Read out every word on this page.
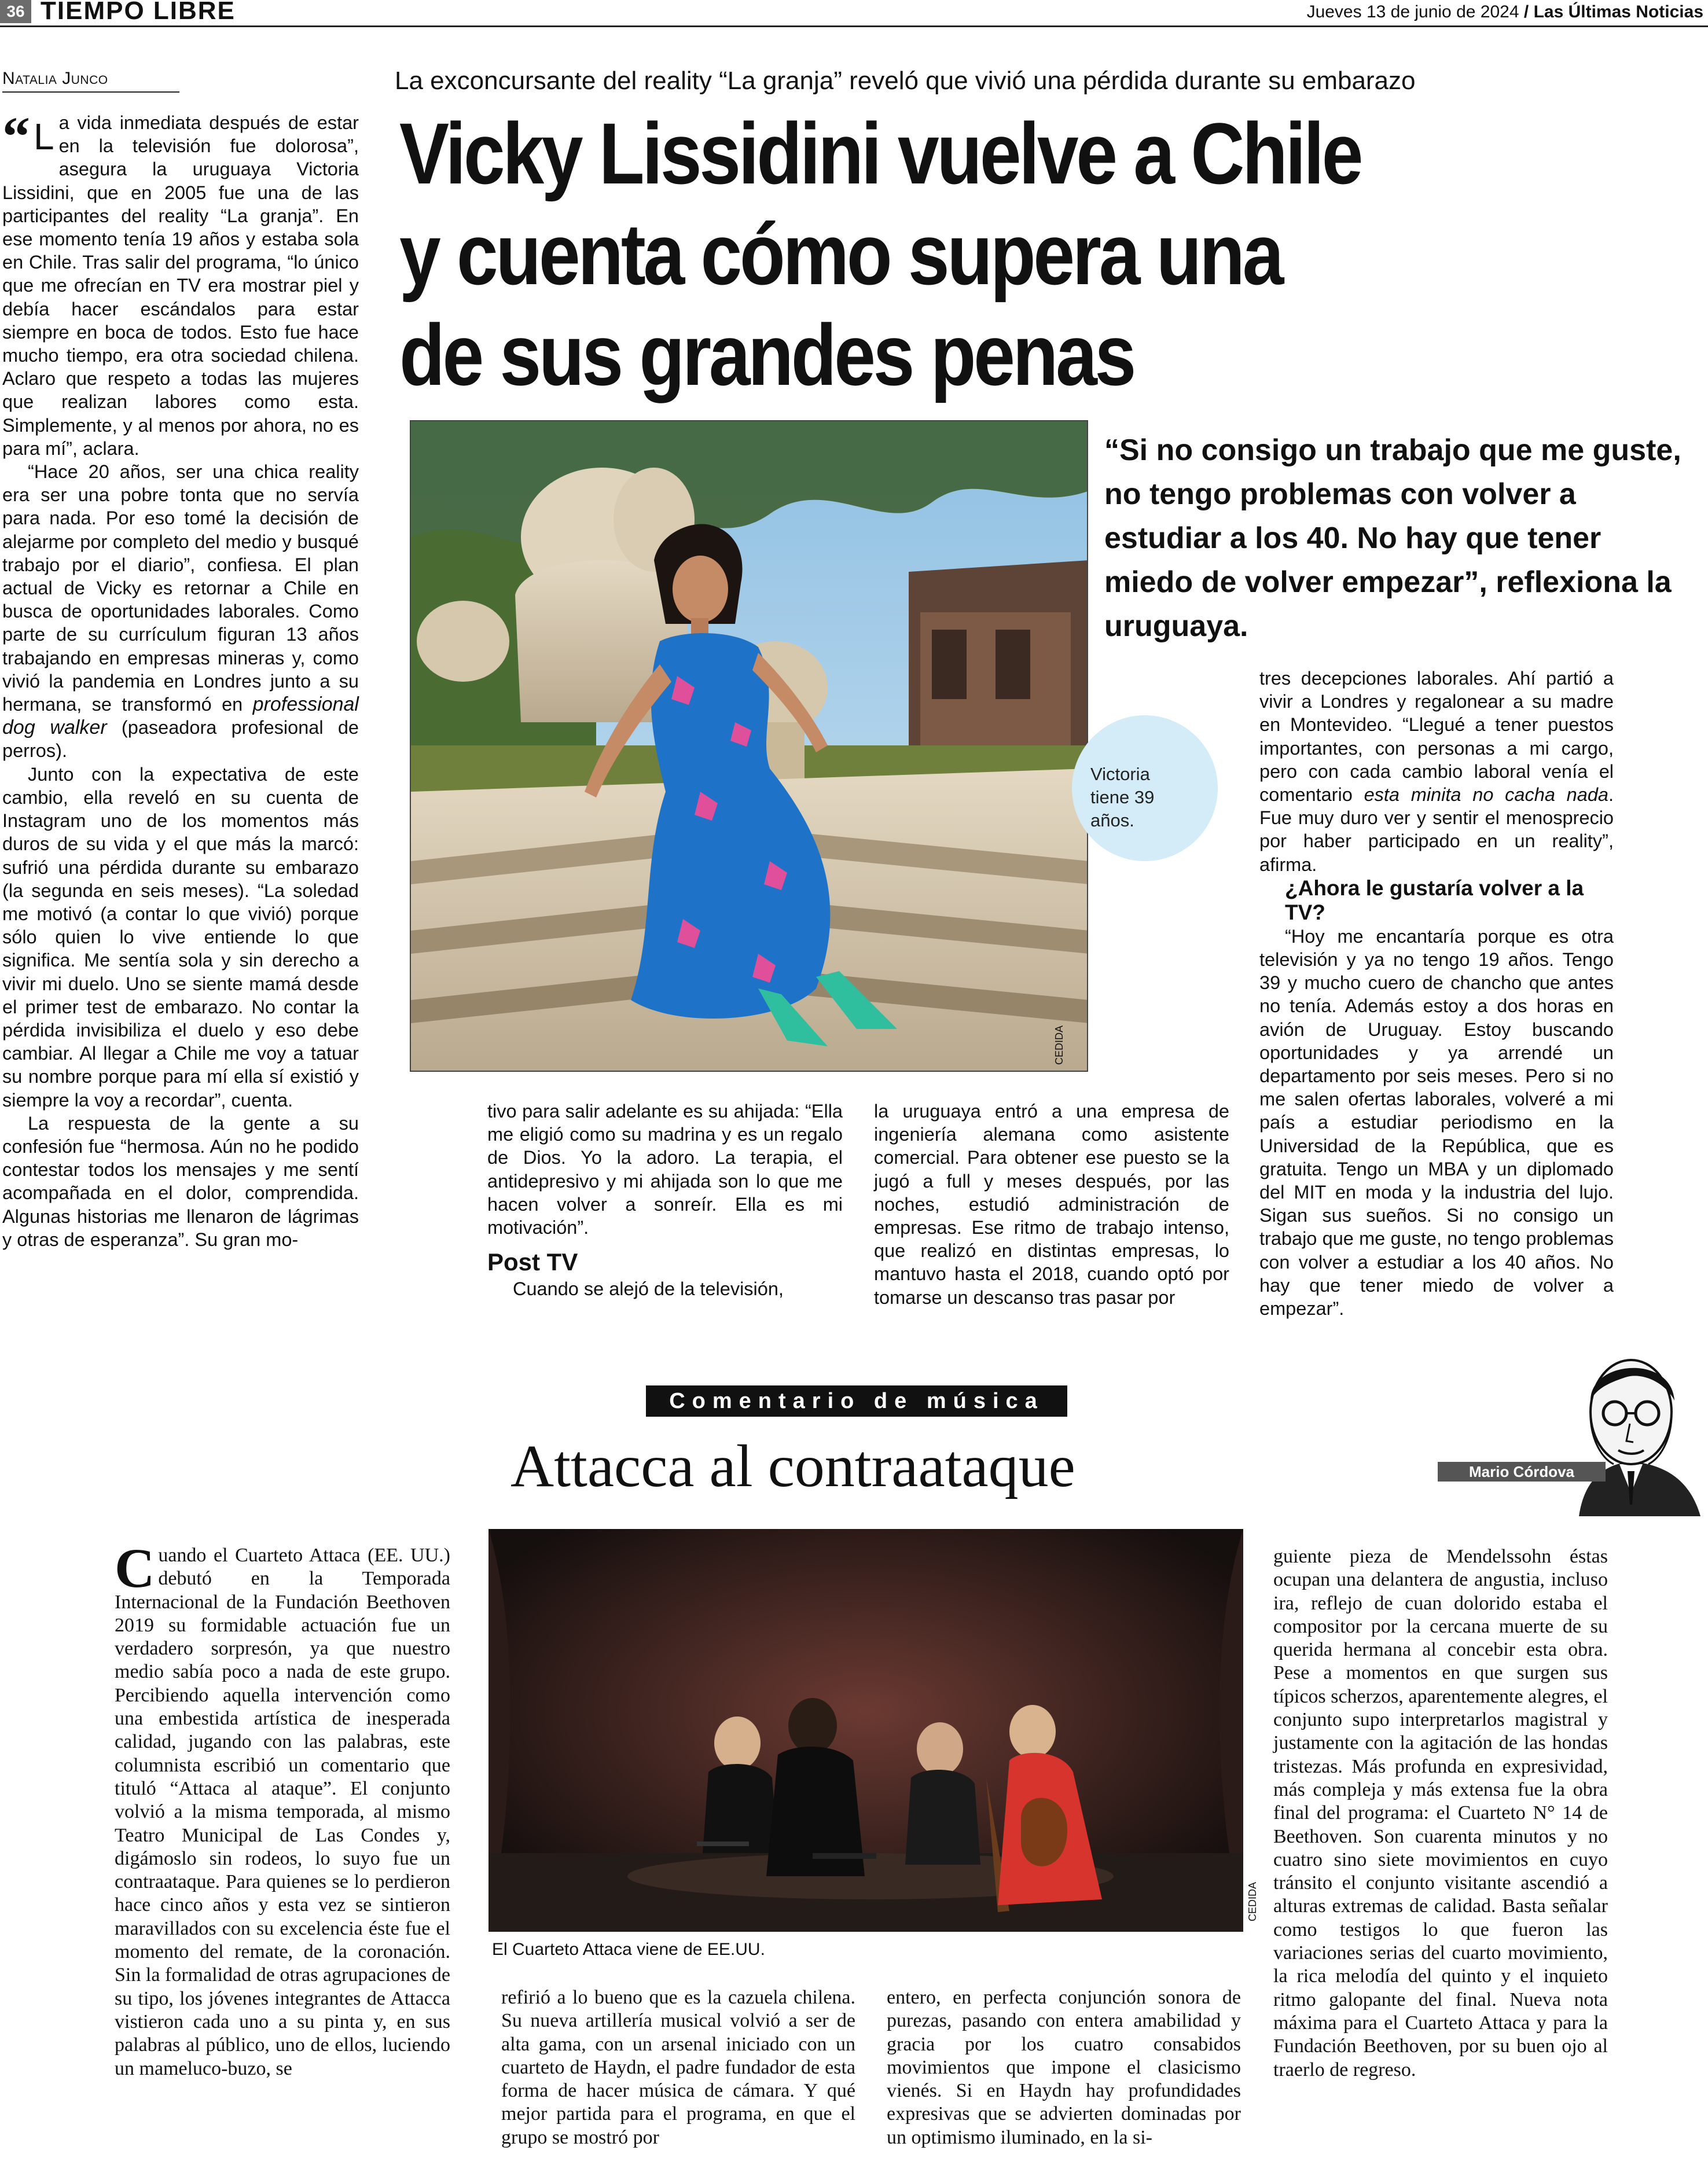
36 TIEMPO LIBRE	Jueves 13 de junio de 2024 / Las Últimas Noticias
Natalia Junco	La exconcursante del reality “La granja” reveló que vivió una pérdida durante su embarazo
Vicky Lissidini vuelve a Chile
y cuenta cómo supera una
de sus grandes penas

“ L a vida inmediata después de estar en la televisión fue dolorosa”, asegura la uruguaya Victoria Lissidini, que en 2005 fue una de las participantes del reality “La granja”. En ese momento tenía 19 años y estaba sola en Chile. Tras salir del programa, “lo único que me ofrecían en TV era mostrar piel y debía hacer escándalos para estar siempre en boca de todos. Esto fue hace mucho tiempo, era otra sociedad chilena. Aclaro que respeto a todas las mujeres que realizan labores como esta. Simplemente, y al menos por ahora, no es para mí”, aclara.

“Hace 20 años, ser una chica reality era ser una pobre tonta que no servía para nada. Por eso tomé la decisión de alejarme por completo del medio y busqué trabajo por el diario”, confiesa. El plan actual de Vicky es retornar a Chile en busca de oportunidades laborales. Como parte de su currículum figuran 13 años trabajando en empresas mineras y, como vivió la pandemia en Londres junto a su hermana, se transformó en professional dog walker (paseadora profesional de perros).

Junto con la expectativa de este cambio, ella reveló en su cuenta de Instagram uno de los momentos más duros de su vida y el que más la marcó: sufrió una pérdida durante su embarazo (la segunda en seis meses). “La soledad me motivó (a contar lo que vivió) porque sólo quien lo vive entiende lo que significa. Me sentía sola y sin derecho a vivir mi duelo. Uno se siente mamá desde el primer test de embarazo. No contar la pérdida invisibiliza el duelo y eso debe cambiar. Al llegar a Chile me voy a tatuar su nombre porque para mí ella sí existió y siempre la voy a recordar”, cuenta.

La respuesta de la gente a su confesión fue “hermosa. Aún no he podido contestar todos los mensajes y me sentí acompañada en el dolor, comprendida. Algunas historias me llenaron de lágrimas y otras de esperanza”. Su gran mo-

CEDIDA
Victoria tiene 39 años.
“Si no consigo un trabajo que me guste, no tengo problemas con volver a estudiar a los 40. No hay que tener miedo de volver empezar”, reflexiona la uruguaya.

tivo para salir adelante es su ahijada: “Ella me eligió como su madrina y es un regalo de Dios. Yo la adoro. La terapia, el antidepresivo y mi ahijada son lo que me hacen volver a sonreír. Ella es mi motivación”.

Post TV

Cuando se alejó de la televisión,

la uruguaya entró a una empresa de ingeniería alemana como asistente comercial. Para obtener ese puesto se la jugó a full y meses después, por las noches, estudió administración de empresas. Ese ritmo de trabajo intenso, que realizó en distintas empresas, lo mantuvo hasta el 2018, cuando optó por tomarse un descanso tras pasar por

tres decepciones laborales. Ahí partió a vivir a Londres y regalonear a su madre en Montevideo. “Llegué a tener puestos importantes, con personas a mi cargo, pero con cada cambio laboral venía el comentario esta minita no cacha nada. Fue muy duro ver y sentir el menosprecio por haber participado en un reality”, afirma.

¿Ahora le gustaría volver a la TV?

“Hoy me encantaría porque es otra televisión y ya no tengo 19 años. Tengo 39 y mucho cuero de chancho que antes no tenía. Además estoy a dos horas en avión de Uruguay. Estoy buscando oportunidades y ya arrendé un departamento por seis meses. Pero si no me salen ofertas laborales, volveré a mi país a estudiar periodismo en la Universidad de la República, que es gratuita. Tengo un MBA y un diplomado del MIT en moda y la industria del lujo. Sigan sus sueños. Si no consigo un trabajo que me guste, no tengo problemas con volver a estudiar a los 40 años. No hay que tener miedo de volver a empezar”.

Comentario de música
Attacca al contraataque	Mario Córdova

C uando el Cuarteto Attaca (EE. UU.) debutó en la Temporada Internacional de la Fundación Beethoven 2019 su formidable actuación fue un verdadero sorpresón, ya que nuestro medio sabía poco a nada de este grupo. Percibiendo aquella intervención como una embestida artística de inesperada calidad, jugando con las palabras, este columnista escribió un comentario que tituló “Attaca al ataque”. El conjunto volvió a la misma temporada, al mismo Teatro Municipal de Las Condes y, digámoslo sin rodeos, lo suyo fue un contraataque. Para quienes se lo perdieron hace cinco años y esta vez se sintieron maravillados con su excelencia éste fue el momento del remate, de la coronación. Sin la formalidad de otras agrupaciones de su tipo, los jóvenes integrantes de Attacca vistieron cada uno a su pinta y, en sus palabras al público, uno de ellos, luciendo un mameluco-buzo, se

CEDIDA
El Cuarteto Attaca viene de EE.UU.

refirió a lo bueno que es la cazuela chilena. Su nueva artillería musical volvió a ser de alta gama, con un arsenal iniciado con un cuarteto de Haydn, el padre fundador de esta forma de hacer música de cámara. Y qué mejor partida para el programa, en que el grupo se mostró por

entero, en perfecta conjunción sonora de purezas, pasando con entera amabilidad y gracia por los cuatro consabidos movimientos que impone el clasicismo vienés. Si en Haydn hay profundidades expresivas que se advierten dominadas por un optimismo iluminado, en la si-

guiente pieza de Mendelssohn éstas ocupan una delantera de angustia, incluso ira, reflejo de cuan dolorido estaba el compositor por la cercana muerte de su querida hermana al concebir esta obra. Pese a momentos en que surgen sus típicos scherzos, aparentemente alegres, el conjunto supo interpretarlos magistral y justamente con la agitación de las hondas tristezas. Más profunda en expresividad, más compleja y más extensa fue la obra final del programa: el Cuarteto N° 14 de Beethoven. Son cuarenta minutos y no cuatro sino siete movimientos en cuyo tránsito el conjunto visitante ascendió a alturas extremas de calidad. Basta señalar como testigos lo que fueron las variaciones serias del cuarto movimiento, la rica melodía del quinto y el inquieto ritmo galopante del final. Nueva nota máxima para el Cuarteto Attaca y para la Fundación Beethoven, por su buen ojo al traerlo de regreso.
